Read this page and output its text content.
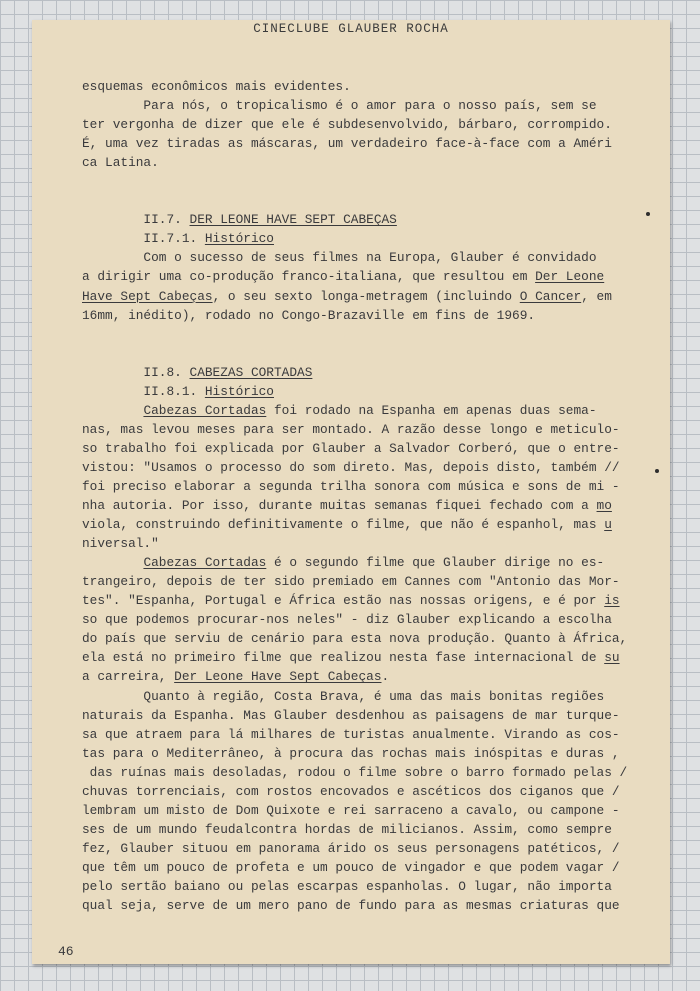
CINECLUBE GLAUBER ROCHA
esquemas econômicos mais evidentes.
Para nós, o tropicalismo é o amor para o nosso país, sem se
ter vergonha de dizer que ele é subdesenvolvido, bárbaro, corrompido.
É, uma vez tiradas as máscaras, um verdadeiro face-à-face com a Améri
ca Latina.
II.7. DER LEONE HAVE SEPT CABEÇAS
II.7.1. Histórico
Com o sucesso de seus filmes na Europa, Glauber é convidado
a dirigir uma co-produção franco-italiana, que resultou em Der Leone
Have Sept Cabeças, o seu sexto longa-metragem (incluindo O Cancer, em
16mm, inédito), rodado no Congo-Brazaville em fins de 1969.
II.8. CABEZAS CORTADAS
II.8.1. Histórico
Cabezas Cortadas foi rodado na Espanha em apenas duas sema-
nas, mas levou meses para ser montado. A razão desse longo e meticulo-
so trabalho foi explicada por Glauber a Salvador Corberó, que o entre-
vistou: "Usamos o processo do som direto. Mas, depois disto, também //
foi preciso elaborar a segunda trilha sonora com música e sons de mi -
nha autoria. Por isso, durante muitas semanas fiquei fechado com a mo
viola, construindo definitivamente o filme, que não é espanhol, mas u
niversal."
Cabezas Cortadas é o segundo filme que Glauber dirige no es-
trangeiro, depois de ter sido premiado em Cannes com "Antonio das Mor-
tes". "Espanha, Portugal e África estão nas nossas origens, e é por is
so que podemos procurar-nos neles" - diz Glauber explicando a escolha
do país que serviu de cenário para esta nova produção. Quanto à África,
ela está no primeiro filme que realizou nesta fase internacional de su
a carreira, Der Leone Have Sept Cabeças.
Quanto à região, Costa Brava, é uma das mais bonitas regiões
naturais da Espanha. Mas Glauber desdenhou as paisagens de mar turque-
sa que atraem para lá milhares de turistas anualmente. Virando as cos-
tas para o Mediterrâneo, à procura das rochas mais inóspitas e duras ,
das ruínas mais desoladas, rodou o filme sobre o barro formado pelas /
chuvas torrenciais, com rostos encovados e ascéticos dos ciganos que /
lembram um misto de Dom Quixote e rei sarraceno a cavalo, ou campone -
ses de um mundo feudalcontra hordas de milicianos. Assim, como sempre
fez, Glauber situou em panorama árido os seus personagens patéticos, /
que têm um pouco de profeta e um pouco de vingador e que podem vagar /
pelo sertão baiano ou pelas escarpas espanholas. O lugar, não importa
qual seja, serve de um mero pano de fundo para as mesmas criaturas que
46
